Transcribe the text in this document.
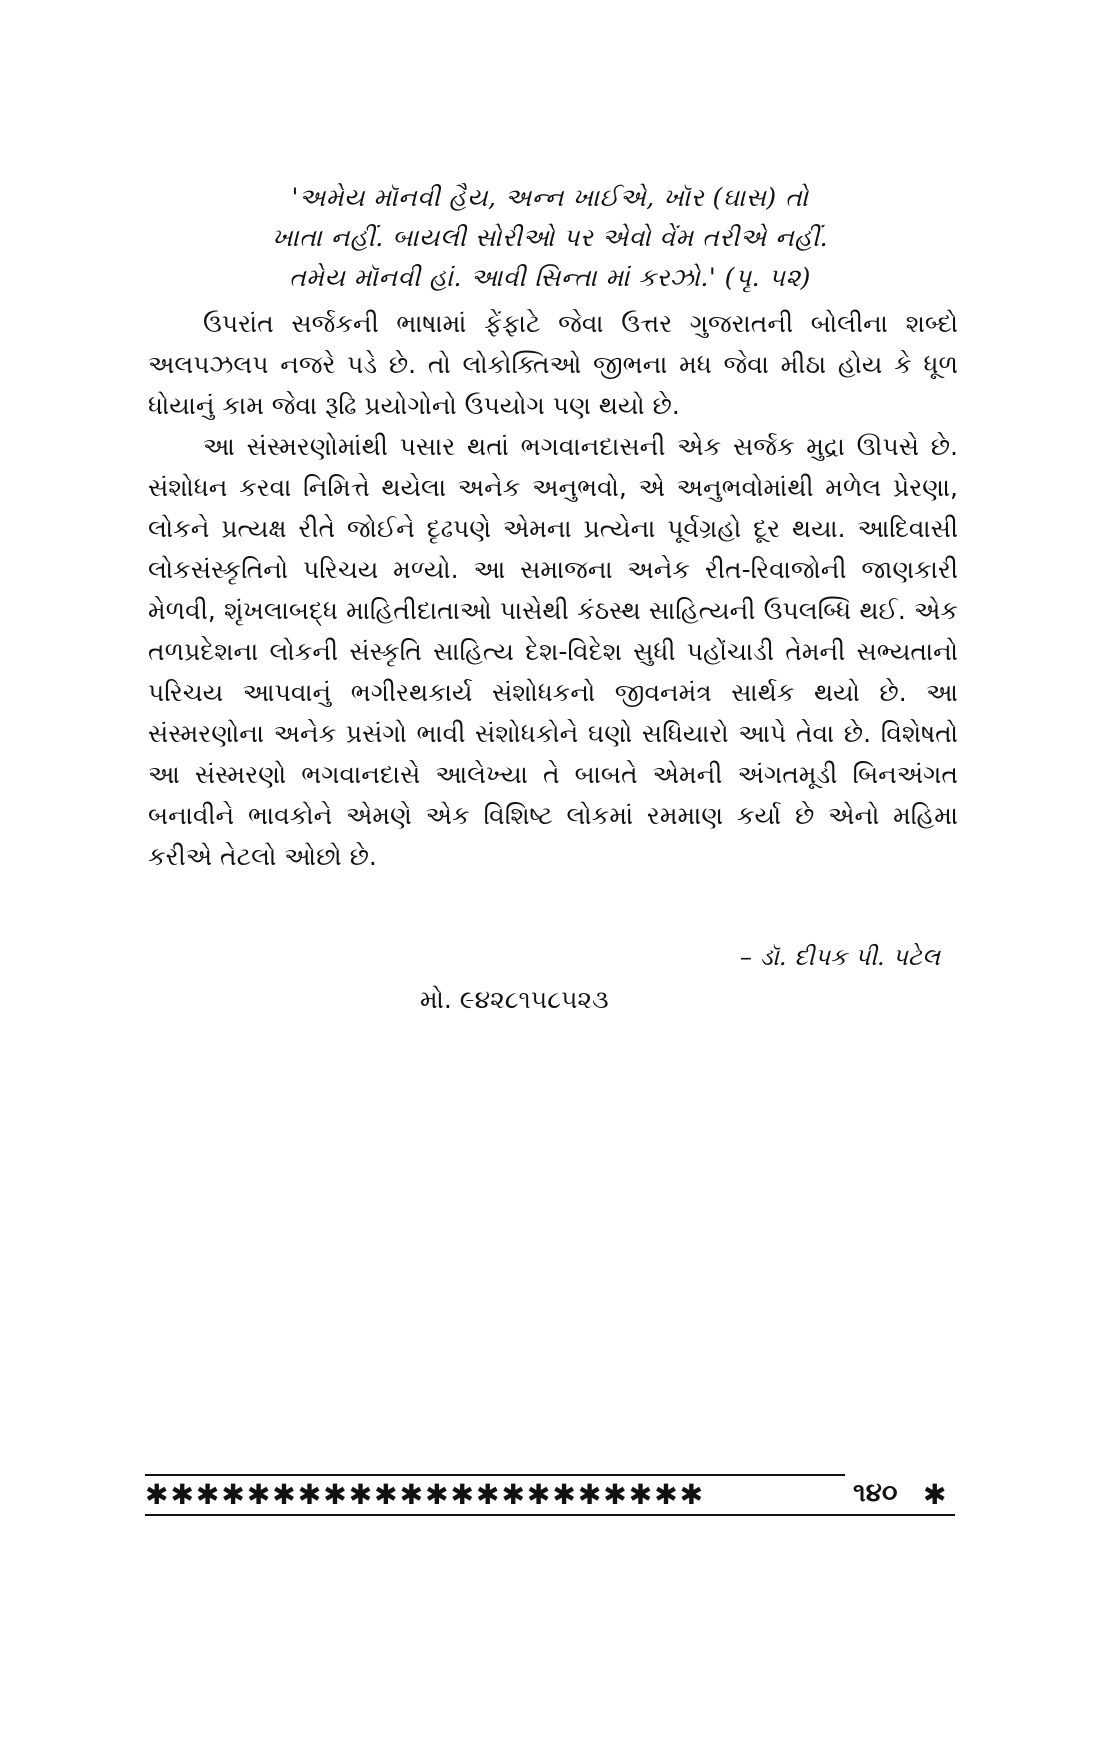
'અમેય મૉનવી હૈય, અન્ન ખાઈએ, ખૉર (ઘાસ) તો
ખાતા નહીં. બાયલી સોરીઓ પર એવો વેંમ તરીએ નહીં.
તમેય મૉનવી હાં. આવી સિન્તા માં કરઝો.' (પૃ. ૫૨)

ઉપરાંત સર્જકની ભાષામાં ફેંફાટે જેવા ઉત્તર ગુજરાતની બોલીના શબ્દો અલપઝલપ નજરે પડે છે. તો લોકોક્તિઓ જીભના મધ જેવા મીઠા હોય કે ધૂળ ધોયાનું કામ જેવા રૂઢિ પ્રયોગોનો ઉપયોગ પણ થયો છે.

આ સંસ્મરણોમાંથી પસાર થતાં ભગવાનદાસની એક સર્જક મુદ્રા ઊપસે છે. સંશોધન કરવા નિમિત્તે થયેલા અનેક અનુભવો, એ અનુભવોમાંથી મળેલ પ્રેરણા, લોકને પ્રત્યક્ષ રીતે જોઈને દૃઢપણે એમના પ્રત્યેના પૂર્વગ્રહો દૂર થયા. આદિવાસી લોકસંસ્કૃતિનો પરિચય મળ્યો. આ સમાજના અનેક રીત-રિવાજોની જાણકારી મેળવી, શૃંખલાબદ્ધ માહિતીદાતાઓ પાસેથી કંઠસ્થ સાહિત્યની ઉપલબ્ધિ થઈ. એક તળપ્રદેશના લોકની સંસ્કૃતિ સાહિત્ય દેશ-વિદેશ સુધી પહોંચાડી તેમની સભ્યતાનો પરિચય આપવાનું ભગીરથકાર્ય સંશોધકનો જીવનમંત્ર સાર્થક થયો છે. આ સંસ્મરણોના અનેક પ્રસંગો ભાવી સંશોધકોને ઘણો સધિયારો આપે તેવા છે. વિશેષતો આ સંસ્મરણો ભગવાનદાસે આલેખ્યા તે બાબતે એમની અંગતમૂડી બિનઅંગત બનાવીને ભાવકોને એમણે એક વિશિષ્ટ લોકમાં રમમાણ કર્યા છે એનો મહિમા કરીએ તેટલો ઓછો છે.

– ડૉ. દીપક પી. પટેલ
મો. ૯૪૨૮૧૫૮૫૨૩
✱✱✱✱✱✱✱✱✱✱✱✱✱✱✱✱✱✱✱✱✱✱	૧૪૦ ✱
